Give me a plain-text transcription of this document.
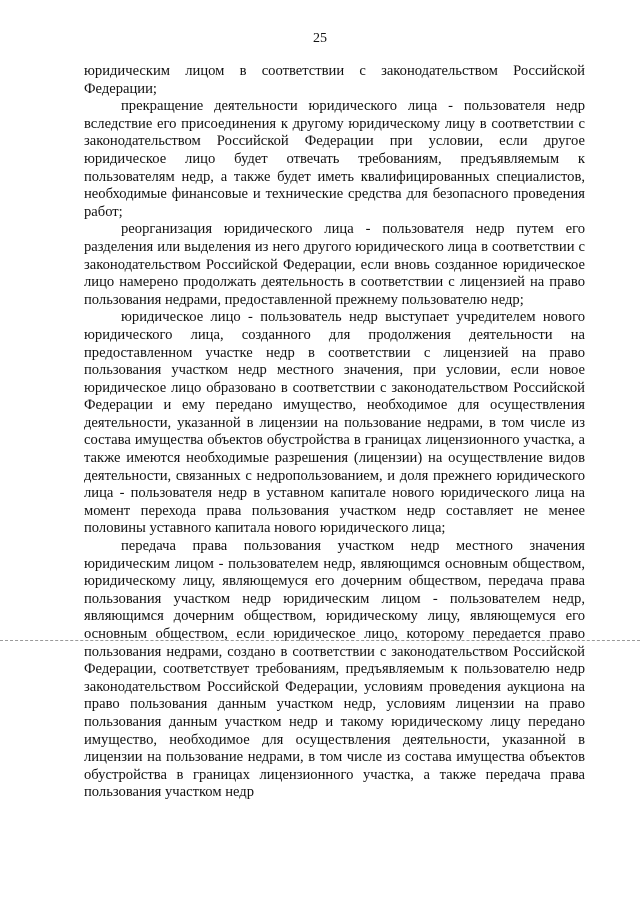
25

юридическим лицом в соответствии с законодательством Российской Федерации;

прекращение деятельности юридического лица - пользователя недр вследствие его присоединения к другому юридическому лицу в соответствии с законодательством Российской Федерации при условии, если другое юридическое лицо будет отвечать требованиям, предъявляемым к пользователям недр, а также будет иметь квалифицированных специалистов, необходимые финансовые и технические средства для безопасного проведения работ;

реорганизация юридического лица - пользователя недр путем его разделения или выделения из него другого юридического лица в соответствии с законодательством Российской Федерации, если вновь созданное юридическое лицо намерено продолжать деятельность в соответствии с лицензией на право пользования недрами, предоставленной прежнему пользователю недр;

юридическое лицо - пользователь недр выступает учредителем нового юридического лица, созданного для продолжения деятельности на предоставленном участке недр в соответствии с лицензией на право пользования участком недр местного значения, при условии, если новое юридическое лицо образовано в соответствии с законодательством Российской Федерации и ему передано имущество, необходимое для осуществления деятельности, указанной в лицензии на пользование недрами, в том числе из состава имущества объектов обустройства в границах лицензионного участка, а также имеются необходимые разрешения (лицензии) на осуществление видов деятельности, связанных с недропользованием, и доля прежнего юридического лица - пользователя недр в уставном капитале нового юридического лица на момент перехода права пользования участком недр составляет не менее половины уставного капитала нового юридического лица;

передача права пользования участком недр местного значения юридическим лицом - пользователем недр, являющимся основным обществом, юридическому лицу, являющемуся его дочерним обществом, передача права пользования участком недр юридическим лицом - пользователем недр, являющимся дочерним обществом, юридическому лицу, являющемуся его основным обществом, если юридическое лицо, которому передается право пользования недрами, создано в соответствии с законодательством Российской Федерации, соответствует требованиям, предъявляемым к пользователю недр законодательством Российской Федерации, условиям проведения аукциона на право пользования данным участком недр, условиям лицензии на право пользования данным участком недр и такому юридическому лицу передано имущество, необходимое для осуществления деятельности, указанной в лицензии на пользование недрами, в том числе из состава имущества объектов обустройства в границах лицензионного участка, а также передача права пользования участком недр
